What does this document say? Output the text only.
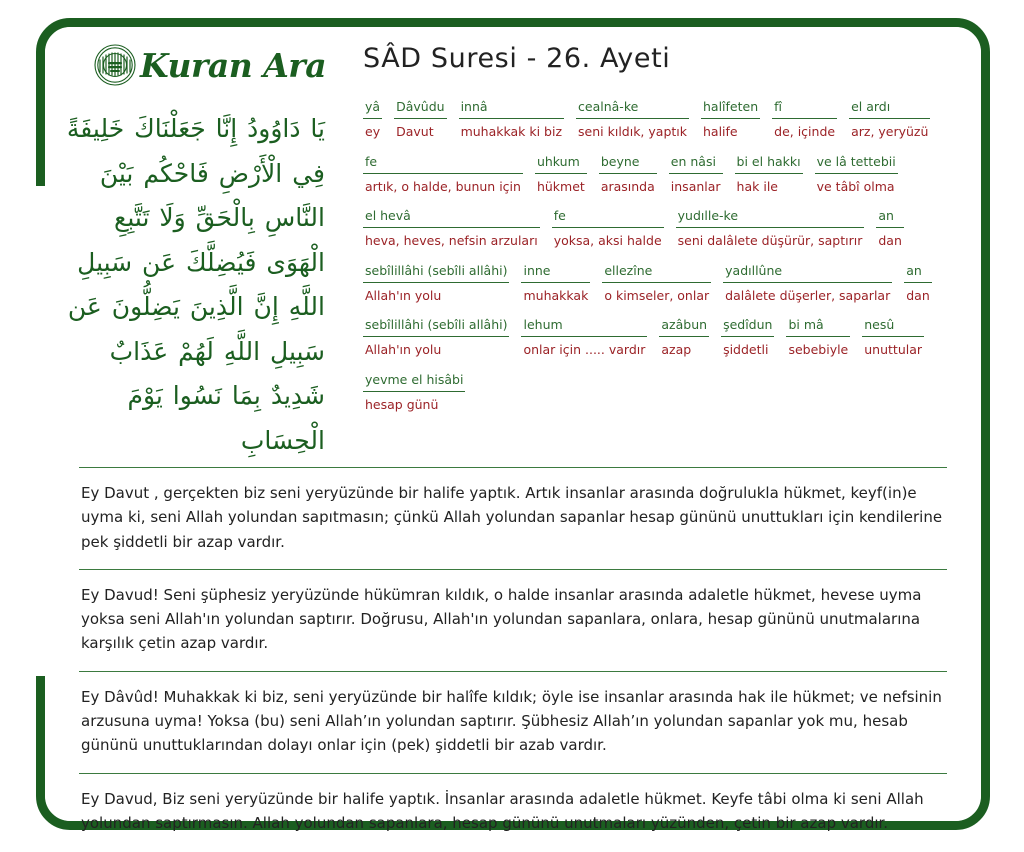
Kuran Ara SÂD Suresi - 26. Ayeti
يَا دَاوُودُ إِنَّا جَعَلْنَاكَ خَلِيفَةً فِي الْأَرْضِ فَاحْكُم بَيْنَ النَّاسِ بِالْحَقِّ وَلَا تَتَّبِعِ الْهَوَى فَيُضِلَّكَ عَن سَبِيلِ اللَّهِ إِنَّ الَّذِينَ يَضِلُّونَ عَن سَبِيلِ اللَّهِ لَهُمْ عَذَابٌ شَدِيدٌ بِمَا نَسُوا يَوْمَ الْحِسَابِ
yâ
ey
Dâvûdu
Davut
innâ
muhakkak ki biz
cealnâ-ke
seni kıldık, yaptık
halîfeten
halife
fî
de, içinde
el ardı
arz, yeryüzü
fe
artık, o halde, bunun için
uhkum
hükmet
beyne
arasında
en nâsi
insanlar
bi el hakkı
hak ile
ve lâ tettebii
ve tâbî olma
el hevâ
heva, heves, nefsin arzuları
fe
yoksa, aksi halde
yudılle-ke
seni dalâlete düşürür, saptırır
an
dan
sebîlillâhi (sebîli allâhi)
Allah'ın yolu
inne
muhakkak
ellezîne
o kimseler, onlar
yadıllûne
dalâlete düşerler, saparlar
an
dan
sebîlillâhi (sebîli allâhi)
Allah'ın yolu
lehum
onlar için ..... vardır
azâbun
azap
şedîdun
şiddetli
bi mâ
sebebiyle
nesû
unuttular
yevme el hisâbi
hesap günü
Ey Davut , gerçekten biz seni yeryüzünde bir halife yaptık. Artık insanlar arasında doğrulukla hükmet, keyf(in)e uyma ki, seni Allah yolundan sapıtmasın; çünkü Allah yolundan sapanlar hesap gününü unuttukları için kendilerine pek şiddetli bir azap vardır.
Ey Davud! Seni şüphesiz yeryüzünde hükümran kıldık, o halde insanlar arasında adaletle hükmet, hevese uyma yoksa seni Allah'ın yolundan saptırır. Doğrusu, Allah'ın yolundan sapanlara, onlara, hesap gününü unutmalarına karşılık çetin azap vardır.
Ey Dâvûd! Muhakkak ki biz, seni yeryüzünde bir halîfe kıldık; öyle ise insanlar arasında hak ile hükmet; ve nefsinin arzusuna uyma! Yoksa (bu) seni Allah’ın yolundan saptırır. Şübhesiz Allah’ın yolundan sapanlar yok mu, hesab gününü unuttuklarından dolayı onlar için (pek) şiddetli bir azab vardır.
Ey Davud, Biz seni yeryüzünde bir halife yaptık. İnsanlar arasında adaletle hükmet. Keyfe tâbi olma ki seni Allah yolundan saptırmasın. Allah yolundan sapanlara, hesap gününü unutmaları yüzünden, çetin bir azap vardır.
